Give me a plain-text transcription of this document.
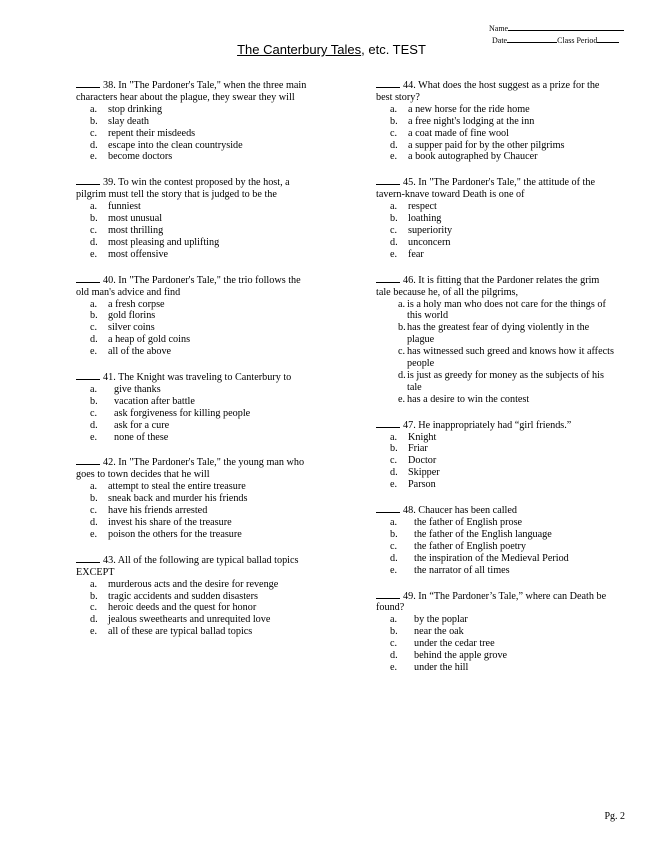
Name
Date	Class Period
The Canterbury Tales, etc. TEST

38. In "The Pardoner's Tale," when the three main characters hear about the plague, they swear they will

a.	stop drinking
b.	slay death
c.	repent their misdeeds
d.	escape into the clean countryside
e.	become doctors

39. To win the contest proposed by the host, a pilgrim must tell the story that is judged to be the

a.	funniest
b.	most unusual
c.	most thrilling
d.	most pleasing and uplifting
e.	most offensive

40. In "The Pardoner's Tale," the trio follows the old man's advice and find

a.	a fresh corpse
b.	gold florins
c.	silver coins
d.	a heap of gold coins
e.	all of the above

41. The Knight was traveling to Canterbury to

a.	give thanks
b.	vacation after battle
c.	ask forgiveness for killing people
d.	ask for a cure
e.	none of these

42. In "The Pardoner's Tale," the young man who goes to town decides that he will

a.	attempt to steal the entire treasure
b.	sneak back and murder his friends
c.	have his friends arrested
d.	invest his share of the treasure
e.	poison the others for the treasure

43. All of the following are typical ballad topics EXCEPT

a.	murderous acts and the desire for revenge
b.	tragic accidents and sudden disasters
c.	heroic deeds and the quest for honor
d.	jealous sweethearts and unrequited love
e.	all of these are typical ballad topics

44. What does the host suggest as a prize for the best story?

a.	a new horse for the ride home
b.	a free night's lodging at the inn
c.	a coat made of fine wool
d.	a supper paid for by the other pilgrims
e.	a book autographed by Chaucer

45. In "The Pardoner's Tale," the attitude of the tavern-knave toward Death is one of

a.	respect
b.	loathing
c.	superiority
d.	unconcern
e.	fear

46. It is fitting that the Pardoner relates the grim tale because he, of all the pilgrims,

a. is a holy man who does not care for the things of this world
b. has the greatest fear of dying violently in the plague
c. has witnessed such greed and knows how it affects people
d. is just as greedy for money as the subjects of his tale
e. has a desire to win the contest

47. He inappropriately had “girl friends.”

a.	Knight
b.	Friar
c.	Doctor
d.	Skipper
e.	Parson

48. Chaucer has been called

a.	the father of English prose
b.	the father of the English language
c.	the father of English poetry
d.	the inspiration of the Medieval Period
e.	the narrator of all times

49. In “The Pardoner’s Tale,” where can Death be found?

a.	by the poplar
b.	near the oak
c.	under the cedar tree
d.	behind the apple grove
e.	under the hill
Pg. 2
